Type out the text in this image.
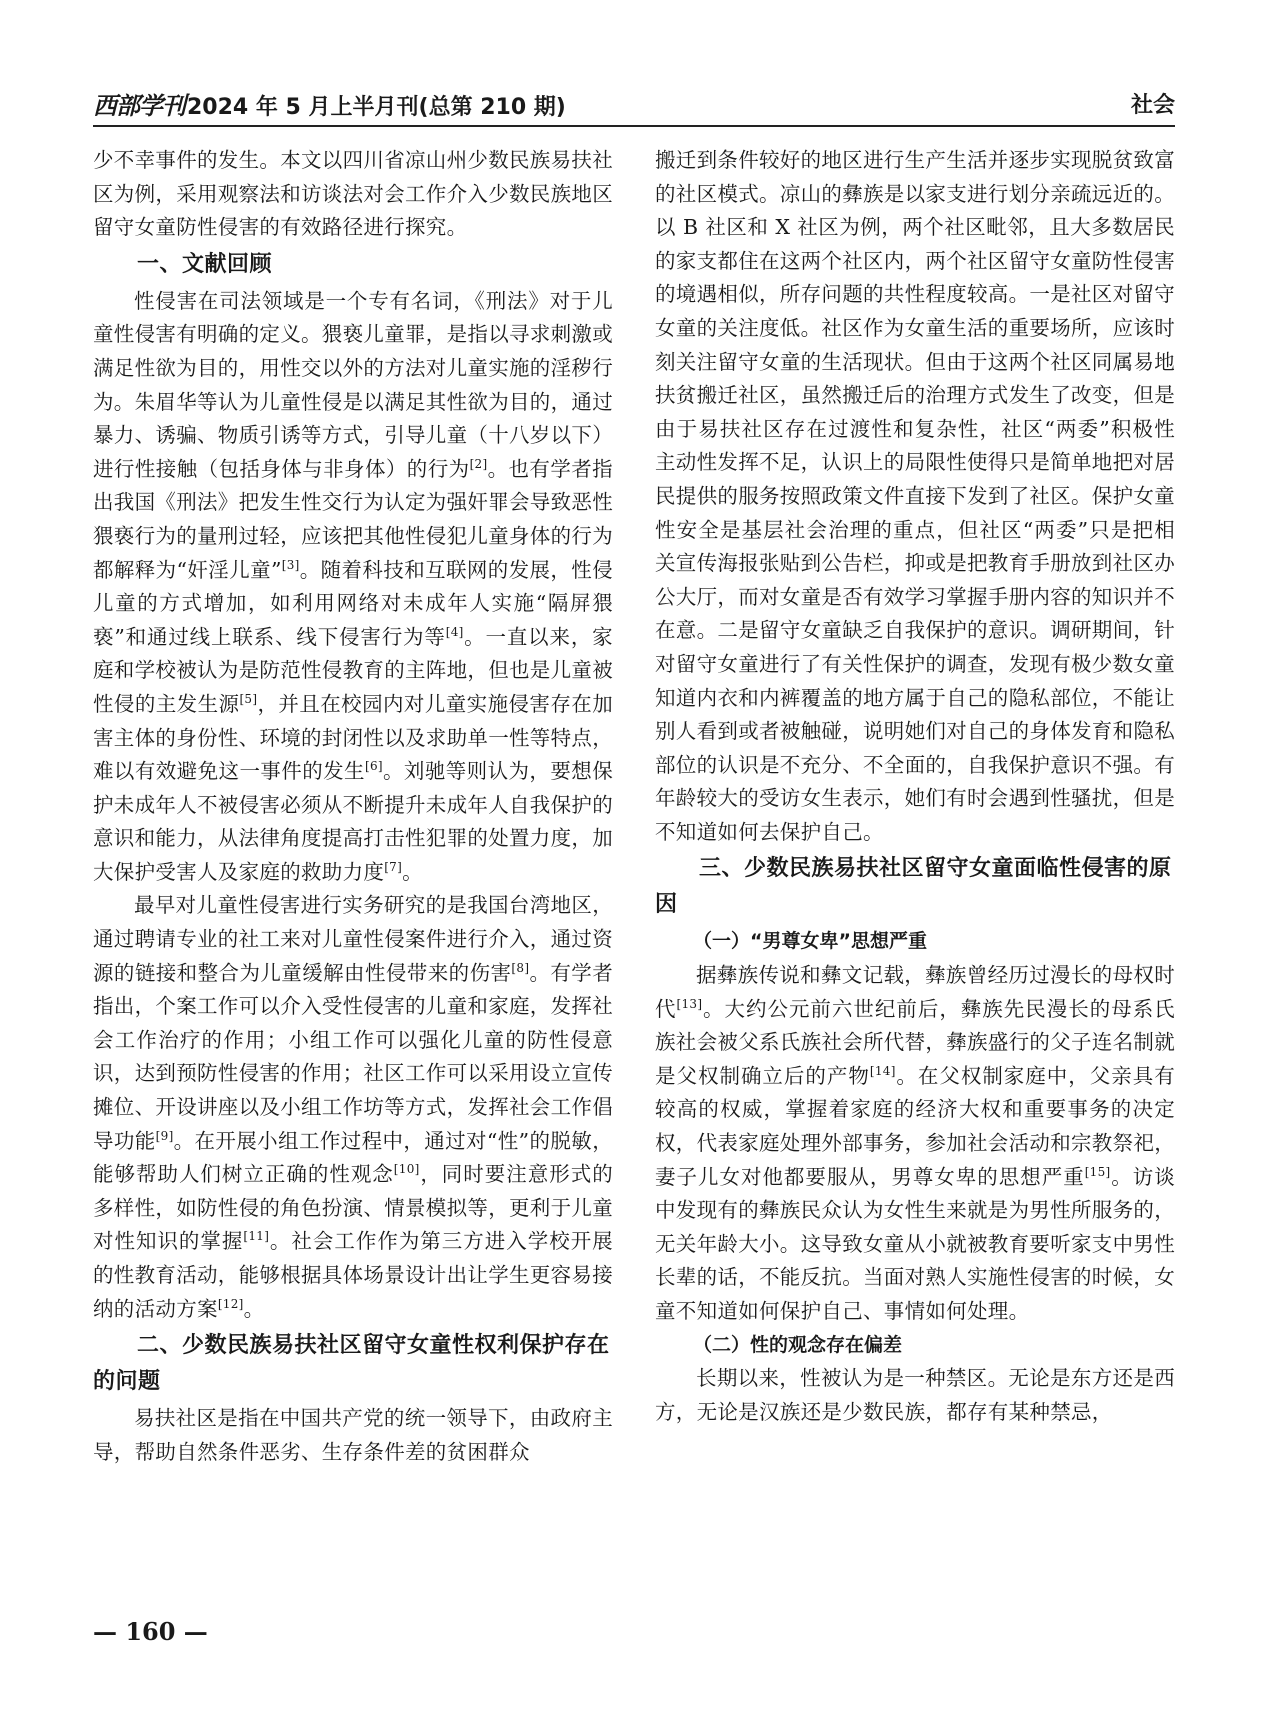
西部学刊2024 年 5 月上半月刊(总第 210 期)	社会

少不幸事件的发生。本文以四川省凉山州少数民族易扶社区为例，采用观察法和访谈法对会工作介入少数民族地区留守女童防性侵害的有效路径进行探究。

一、文献回顾

性侵害在司法领域是一个专有名词，《刑法》对于儿童性侵害有明确的定义。猥亵儿童罪，是指以寻求刺激或满足性欲为目的，用性交以外的方法对儿童实施的淫秽行为。朱眉华等认为儿童性侵是以满足其性欲为目的，通过暴力、诱骗、物质引诱等方式，引导儿童（十八岁以下）进行性接触（包括身体与非身体）的行为[2]。也有学者指出我国《刑法》把发生性交行为认定为强奸罪会导致恶性猥亵行为的量刑过轻，应该把其他性侵犯儿童身体的行为都解释为“奸淫儿童”[3]。随着科技和互联网的发展，性侵儿童的方式增加，如利用网络对未成年人实施“隔屏猥亵”和通过线上联系、线下侵害行为等[4]。一直以来，家庭和学校被认为是防范性侵教育的主阵地，但也是儿童被性侵的主发生源[5]，并且在校园内对儿童实施侵害存在加害主体的身份性、环境的封闭性以及求助单一性等特点，难以有效避免这一事件的发生[6]。刘驰等则认为，要想保护未成年人不被侵害必须从不断提升未成年人自我保护的意识和能力，从法律角度提高打击性犯罪的处置力度，加大保护受害人及家庭的救助力度[7]。

最早对儿童性侵害进行实务研究的是我国台湾地区，通过聘请专业的社工来对儿童性侵案件进行介入，通过资源的链接和整合为儿童缓解由性侵带来的伤害[8]。有学者指出，个案工作可以介入受性侵害的儿童和家庭，发挥社会工作治疗的作用；小组工作可以强化儿童的防性侵意识，达到预防性侵害的作用；社区工作可以采用设立宣传摊位、开设讲座以及小组工作坊等方式，发挥社会工作倡导功能[9]。在开展小组工作过程中，通过对“性”的脱敏，能够帮助人们树立正确的性观念[10]，同时要注意形式的多样性，如防性侵的角色扮演、情景模拟等，更利于儿童对性知识的掌握[11]。社会工作作为第三方进入学校开展的性教育活动，能够根据具体场景设计出让学生更容易接纳的活动方案[12]。

二、少数民族易扶社区留守女童性权利保护存在的问题

易扶社区是指在中国共产党的统一领导下，由政府主导，帮助自然条件恶劣、生存条件差的贫困群众

搬迁到条件较好的地区进行生产生活并逐步实现脱贫致富的社区模式。凉山的彝族是以家支进行划分亲疏远近的。以 B 社区和 X 社区为例，两个社区毗邻，且大多数居民的家支都住在这两个社区内，两个社区留守女童防性侵害的境遇相似，所存问题的共性程度较高。一是社区对留守女童的关注度低。社区作为女童生活的重要场所，应该时刻关注留守女童的生活现状。但由于这两个社区同属易地扶贫搬迁社区，虽然搬迁后的治理方式发生了改变，但是由于易扶社区存在过渡性和复杂性，社区“两委”积极性主动性发挥不足，认识上的局限性使得只是简单地把对居民提供的服务按照政策文件直接下发到了社区。保护女童性安全是基层社会治理的重点，但社区“两委”只是把相关宣传海报张贴到公告栏，抑或是把教育手册放到社区办公大厅，而对女童是否有效学习掌握手册内容的知识并不在意。二是留守女童缺乏自我保护的意识。调研期间，针对留守女童进行了有关性保护的调查，发现有极少数女童知道内衣和内裤覆盖的地方属于自己的隐私部位，不能让别人看到或者被触碰，说明她们对自己的身体发育和隐私部位的认识是不充分、不全面的，自我保护意识不强。有年龄较大的受访女生表示，她们有时会遇到性骚扰，但是不知道如何去保护自己。

三、少数民族易扶社区留守女童面临性侵害的原因
（一）“男尊女卑”思想严重

据彝族传说和彝文记载，彝族曾经历过漫长的母权时代[13]。大约公元前六世纪前后，彝族先民漫长的母系氏族社会被父系氏族社会所代替，彝族盛行的父子连名制就是父权制确立后的产物[14]。在父权制家庭中，父亲具有较高的权威，掌握着家庭的经济大权和重要事务的决定权，代表家庭处理外部事务，参加社会活动和宗教祭祀，妻子儿女对他都要服从，男尊女卑的思想严重[15]。访谈中发现有的彝族民众认为女性生来就是为男性所服务的，无关年龄大小。这导致女童从小就被教育要听家支中男性长辈的话，不能反抗。当面对熟人实施性侵害的时候，女童不知道如何保护自己、事情如何处理。

（二）性的观念存在偏差

长期以来，性被认为是一种禁区。无论是东方还是西方，无论是汉族还是少数民族，都存有某种禁忌，

— 160 —
